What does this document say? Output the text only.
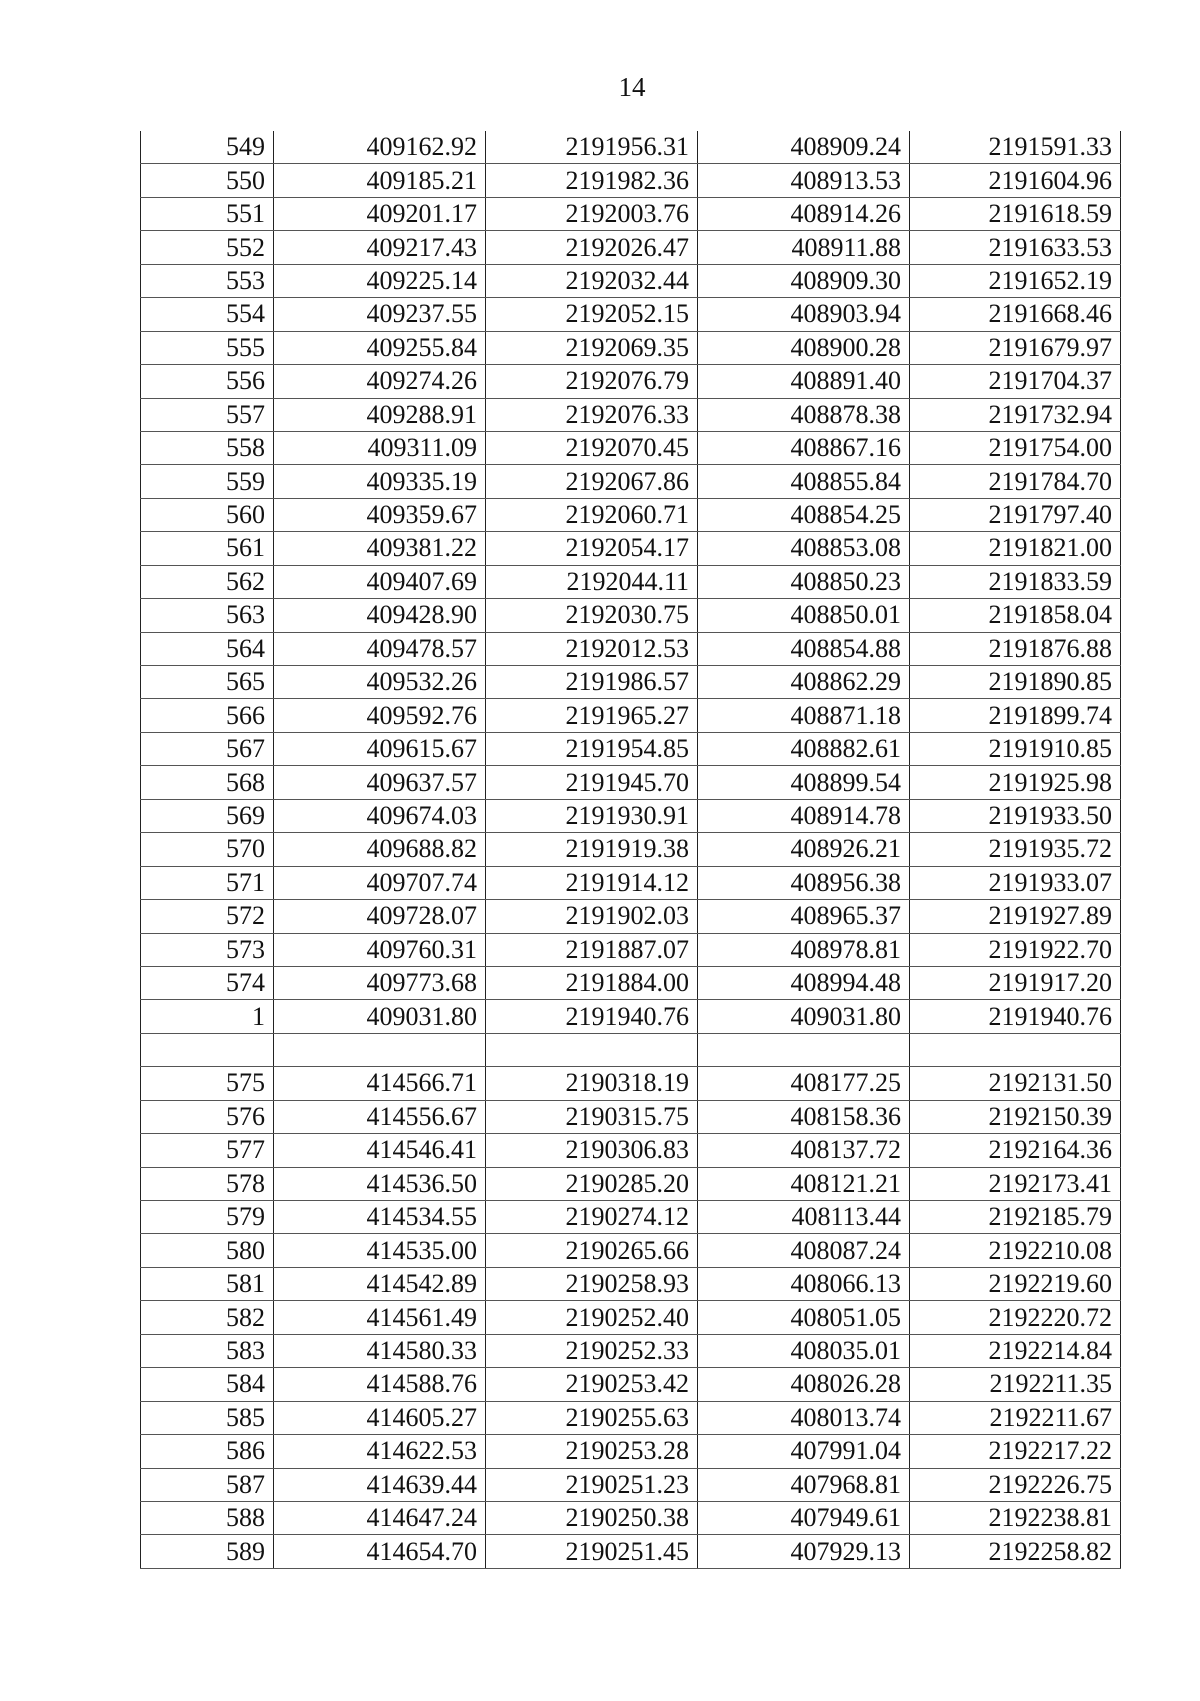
14
549	409162.92	2191956.31	408909.24	2191591.33
550	409185.21	2191982.36	408913.53	2191604.96
551	409201.17	2192003.76	408914.26	2191618.59
552	409217.43	2192026.47	408911.88	2191633.53
553	409225.14	2192032.44	408909.30	2191652.19
554	409237.55	2192052.15	408903.94	2191668.46
555	409255.84	2192069.35	408900.28	2191679.97
556	409274.26	2192076.79	408891.40	2191704.37
557	409288.91	2192076.33	408878.38	2191732.94
558	409311.09	2192070.45	408867.16	2191754.00
559	409335.19	2192067.86	408855.84	2191784.70
560	409359.67	2192060.71	408854.25	2191797.40
561	409381.22	2192054.17	408853.08	2191821.00
562	409407.69	2192044.11	408850.23	2191833.59
563	409428.90	2192030.75	408850.01	2191858.04
564	409478.57	2192012.53	408854.88	2191876.88
565	409532.26	2191986.57	408862.29	2191890.85
566	409592.76	2191965.27	408871.18	2191899.74
567	409615.67	2191954.85	408882.61	2191910.85
568	409637.57	2191945.70	408899.54	2191925.98
569	409674.03	2191930.91	408914.78	2191933.50
570	409688.82	2191919.38	408926.21	2191935.72
571	409707.74	2191914.12	408956.38	2191933.07
572	409728.07	2191902.03	408965.37	2191927.89
573	409760.31	2191887.07	408978.81	2191922.70
574	409773.68	2191884.00	408994.48	2191917.20
1	409031.80	2191940.76	409031.80	2191940.76

575	414566.71	2190318.19	408177.25	2192131.50
576	414556.67	2190315.75	408158.36	2192150.39
577	414546.41	2190306.83	408137.72	2192164.36
578	414536.50	2190285.20	408121.21	2192173.41
579	414534.55	2190274.12	408113.44	2192185.79
580	414535.00	2190265.66	408087.24	2192210.08
581	414542.89	2190258.93	408066.13	2192219.60
582	414561.49	2190252.40	408051.05	2192220.72
583	414580.33	2190252.33	408035.01	2192214.84
584	414588.76	2190253.42	408026.28	2192211.35
585	414605.27	2190255.63	408013.74	2192211.67
586	414622.53	2190253.28	407991.04	2192217.22
587	414639.44	2190251.23	407968.81	2192226.75
588	414647.24	2190250.38	407949.61	2192238.81
589	414654.70	2190251.45	407929.13	2192258.82
